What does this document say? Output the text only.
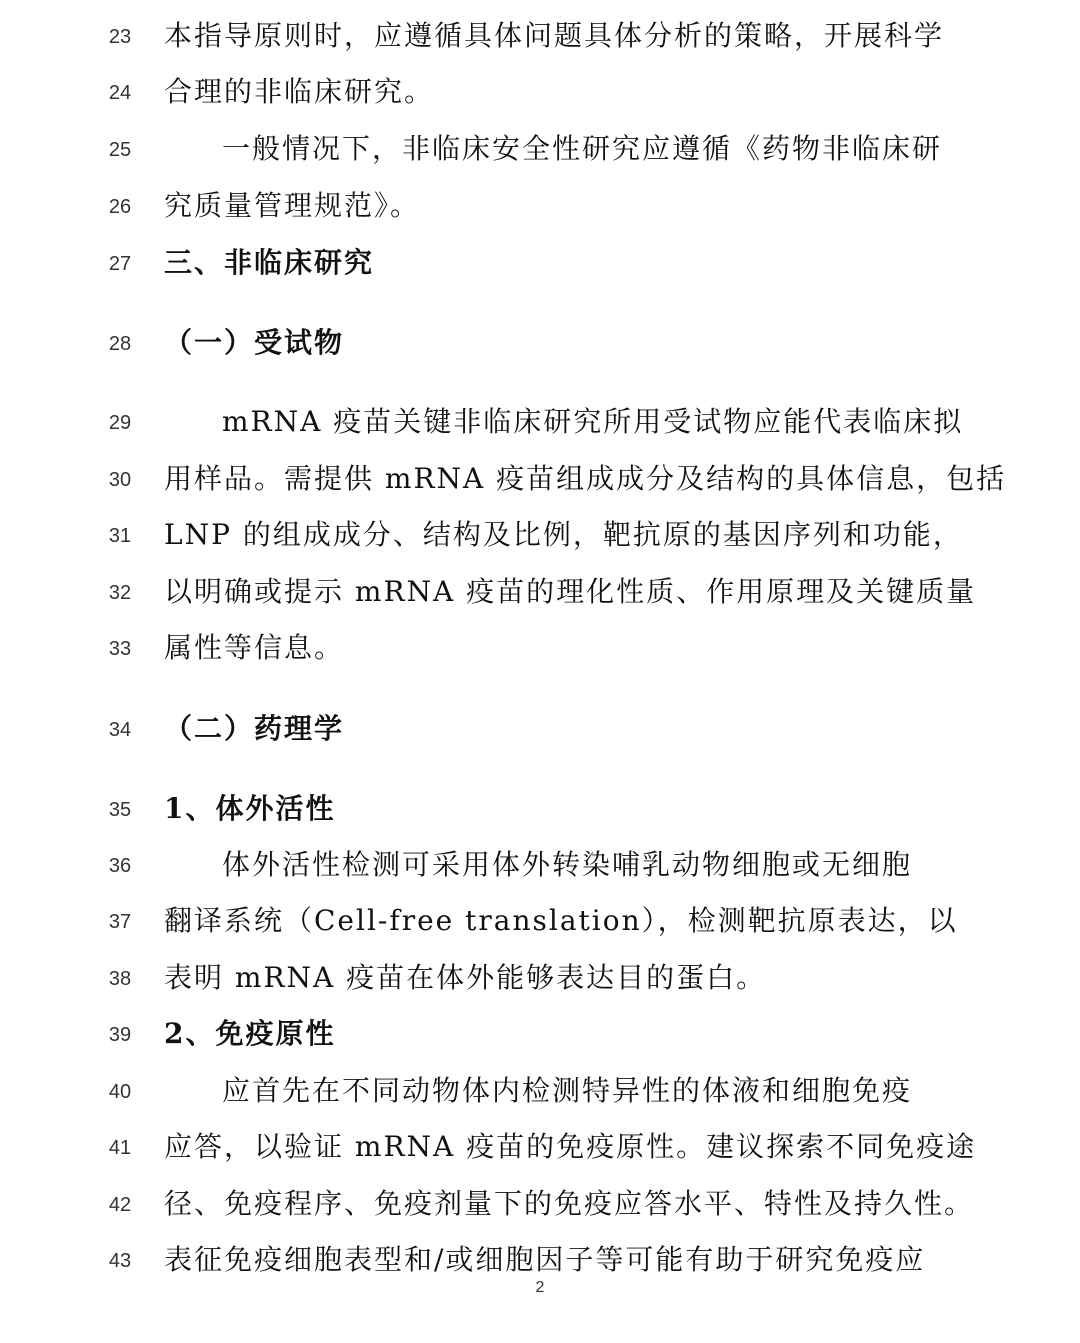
23	本指导原则时，应遵循具体问题具体分析的策略，开展科学
24	合理的非临床研究。
25	一般情况下，非临床安全性研究应遵循《药物非临床研
26	究质量管理规范》。
27	三、非临床研究
28	（一）受试物
29	mRNA 疫苗关键非临床研究所用受试物应能代表临床拟
30	用样品。需提供 mRNA 疫苗组成成分及结构的具体信息，包括
31	LNP 的组成成分、结构及比例，靶抗原的基因序列和功能，
32	以明确或提示 mRNA 疫苗的理化性质、作用原理及关键质量
33	属性等信息。
34	（二）药理学
35	1、体外活性
36	体外活性检测可采用体外转染哺乳动物细胞或无细胞
37	翻译系统（Cell-free translation），检测靶抗原表达，以
38	表明 mRNA 疫苗在体外能够表达目的蛋白。
39	2、免疫原性
40	应首先在不同动物体内检测特异性的体液和细胞免疫
41	应答，以验证 mRNA 疫苗的免疫原性。建议探索不同免疫途
42	径、免疫程序、免疫剂量下的免疫应答水平、特性及持久性。
43	表征免疫细胞表型和/或细胞因子等可能有助于研究免疫应
2
